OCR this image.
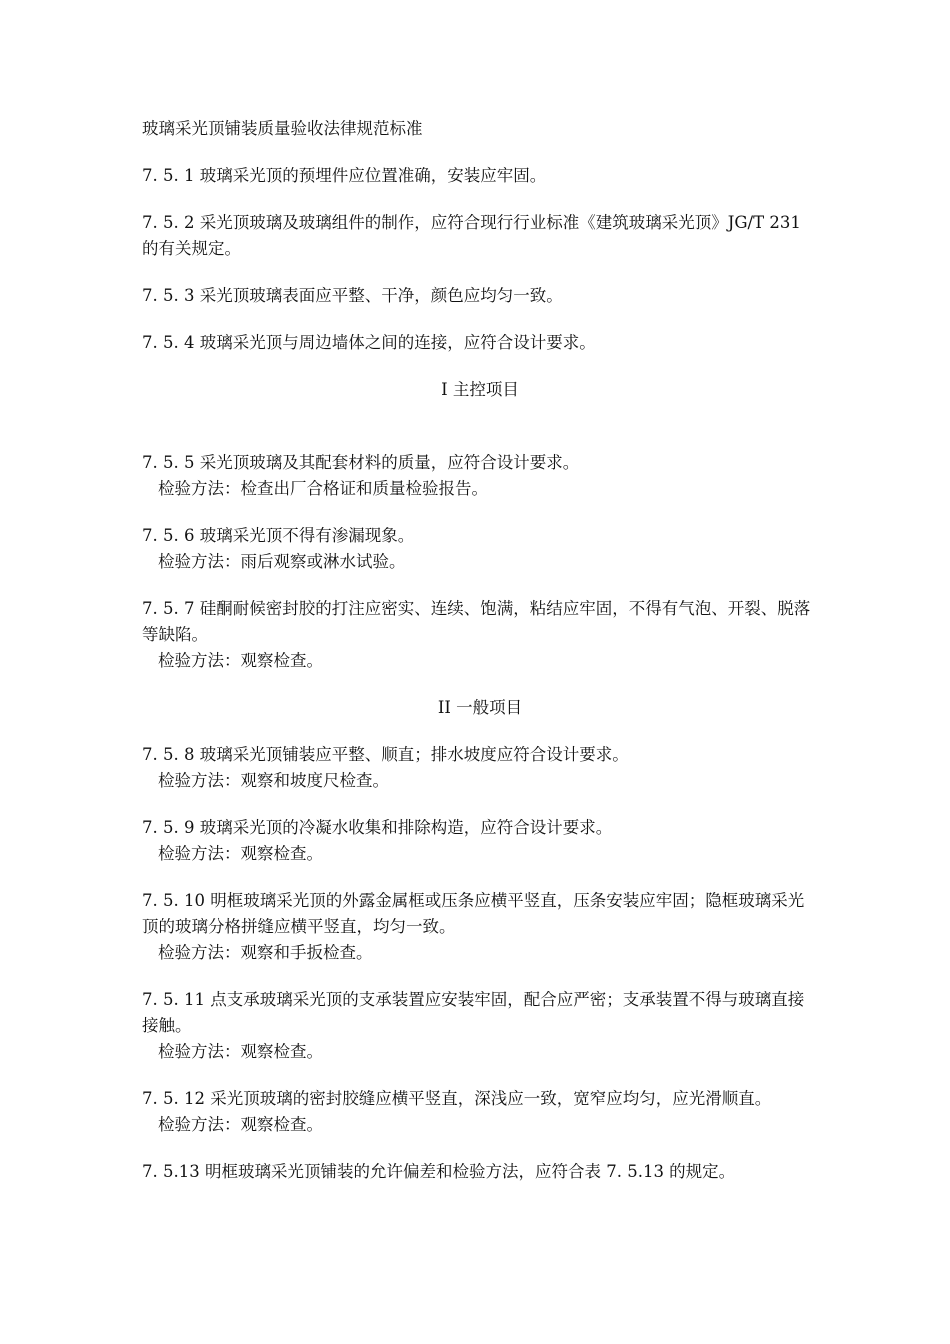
玻璃采光顶铺装质量验收法律规范标准

7. 5. 1 玻璃采光顶的预埋件应位置准确，安装应牢固。

7. 5. 2 采光顶玻璃及玻璃组件的制作，应符合现行行业标准《建筑玻璃采光顶》JG/T 231 的有关规定。

7. 5. 3 采光顶玻璃表面应平整、干净，颜色应均匀一致。

7. 5. 4 玻璃采光顶与周边墙体之间的连接，应符合设计要求。

I 主控项目

7. 5. 5 采光顶玻璃及其配套材料的质量，应符合设计要求。

检验方法：检查出厂合格证和质量检验报告。

7. 5. 6 玻璃采光顶不得有渗漏现象。

检验方法：雨后观察或淋水试验。

7. 5. 7 硅酮耐候密封胶的打注应密实、连续、饱满，粘结应牢固，不得有气泡、开裂、脱落等缺陷。

检验方法：观察检查。

II 一般项目

7. 5. 8 玻璃采光顶铺装应平整、顺直；排水坡度应符合设计要求。

检验方法：观察和坡度尺检查。

7. 5. 9 玻璃采光顶的冷凝水收集和排除构造，应符合设计要求。

检验方法：观察检查。

7. 5. 10 明框玻璃采光顶的外露金属框或压条应横平竖直，压条安装应牢固；隐框玻璃采光顶的玻璃分格拼缝应横平竖直，均匀一致。

检验方法：观察和手扳检查。

7. 5. 11 点支承玻璃采光顶的支承装置应安装牢固，配合应严密；支承装置不得与玻璃直接接触。

检验方法：观察检查。

7. 5. 12 采光顶玻璃的密封胶缝应横平竖直，深浅应一致，宽窄应均匀，应光滑顺直。

检验方法：观察检查。

7. 5.13 明框玻璃采光顶铺装的允许偏差和检验方法，应符合表 7. 5.13 的规定。
